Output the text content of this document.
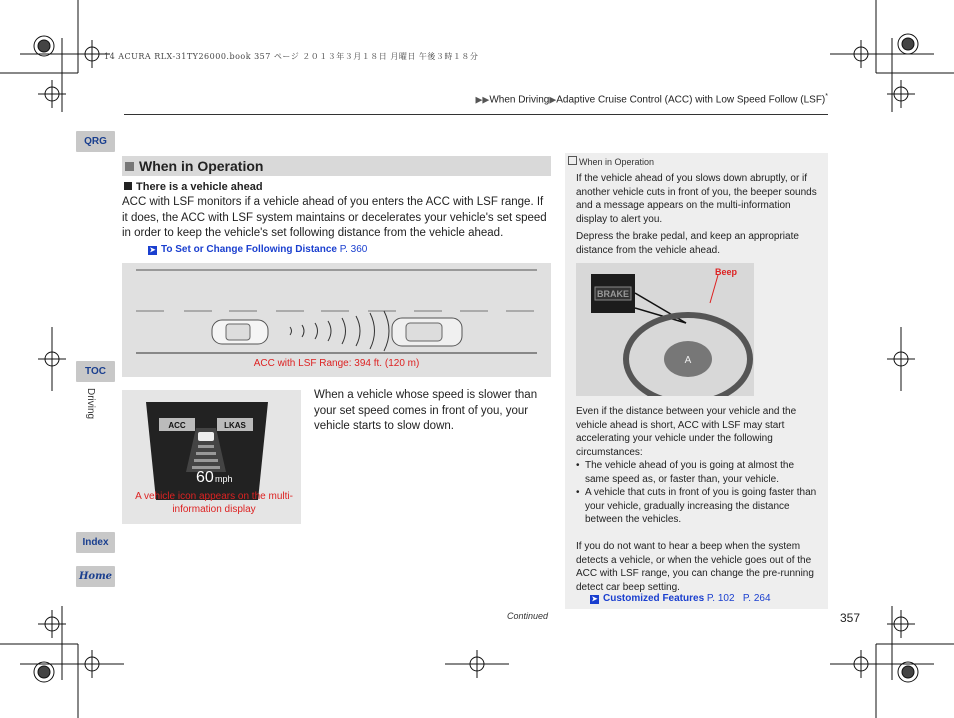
14 ACURA RLX-31TY26000.book 357 ページ ２０１３年３月１８日 月曜日 午後３時１８分
▶▶When Driving▶Adaptive Cruise Control (ACC) with Low Speed Follow (LSF)*
QRG
TOC
Driving
Index
Home
When in Operation
There is a vehicle ahead
ACC with LSF monitors if a vehicle ahead of you enters the ACC with LSF range. If it does, the ACC with LSF system maintains or decelerates your vehicle's set speed in order to keep the vehicle's set following distance from the vehicle ahead.
➤ To Set or Change Following Distance P. 360
ACC with LSF Range: 394 ft. (120 m)
ACC	LKAS
60 mph
A vehicle icon appears on the multi-information display
When a vehicle whose speed is slower than your set speed comes in front of you, your vehicle starts to slow down.
When in Operation
If the vehicle ahead of you slows down abruptly, or if another vehicle cuts in front of you, the beeper sounds and a message appears on the multi-information display to alert you.
Depress the brake pedal, and keep an appropriate distance from the vehicle ahead.
BRAKE
A
Beep
Even if the distance between your vehicle and the vehicle ahead is short, ACC with LSF may start accelerating your vehicle under the following circumstances:
• The vehicle ahead of you is going at almost the same speed as, or faster than, your vehicle.
• A vehicle that cuts in front of you is going faster than your vehicle, gradually increasing the distance between the vehicles.
If you do not want to hear a beep when the system detects a vehicle, or when the vehicle goes out of the ACC with LSF range, you can change the pre-running detect car beep setting.
➤ Customized Features P. 102 P. 264
Continued	357
